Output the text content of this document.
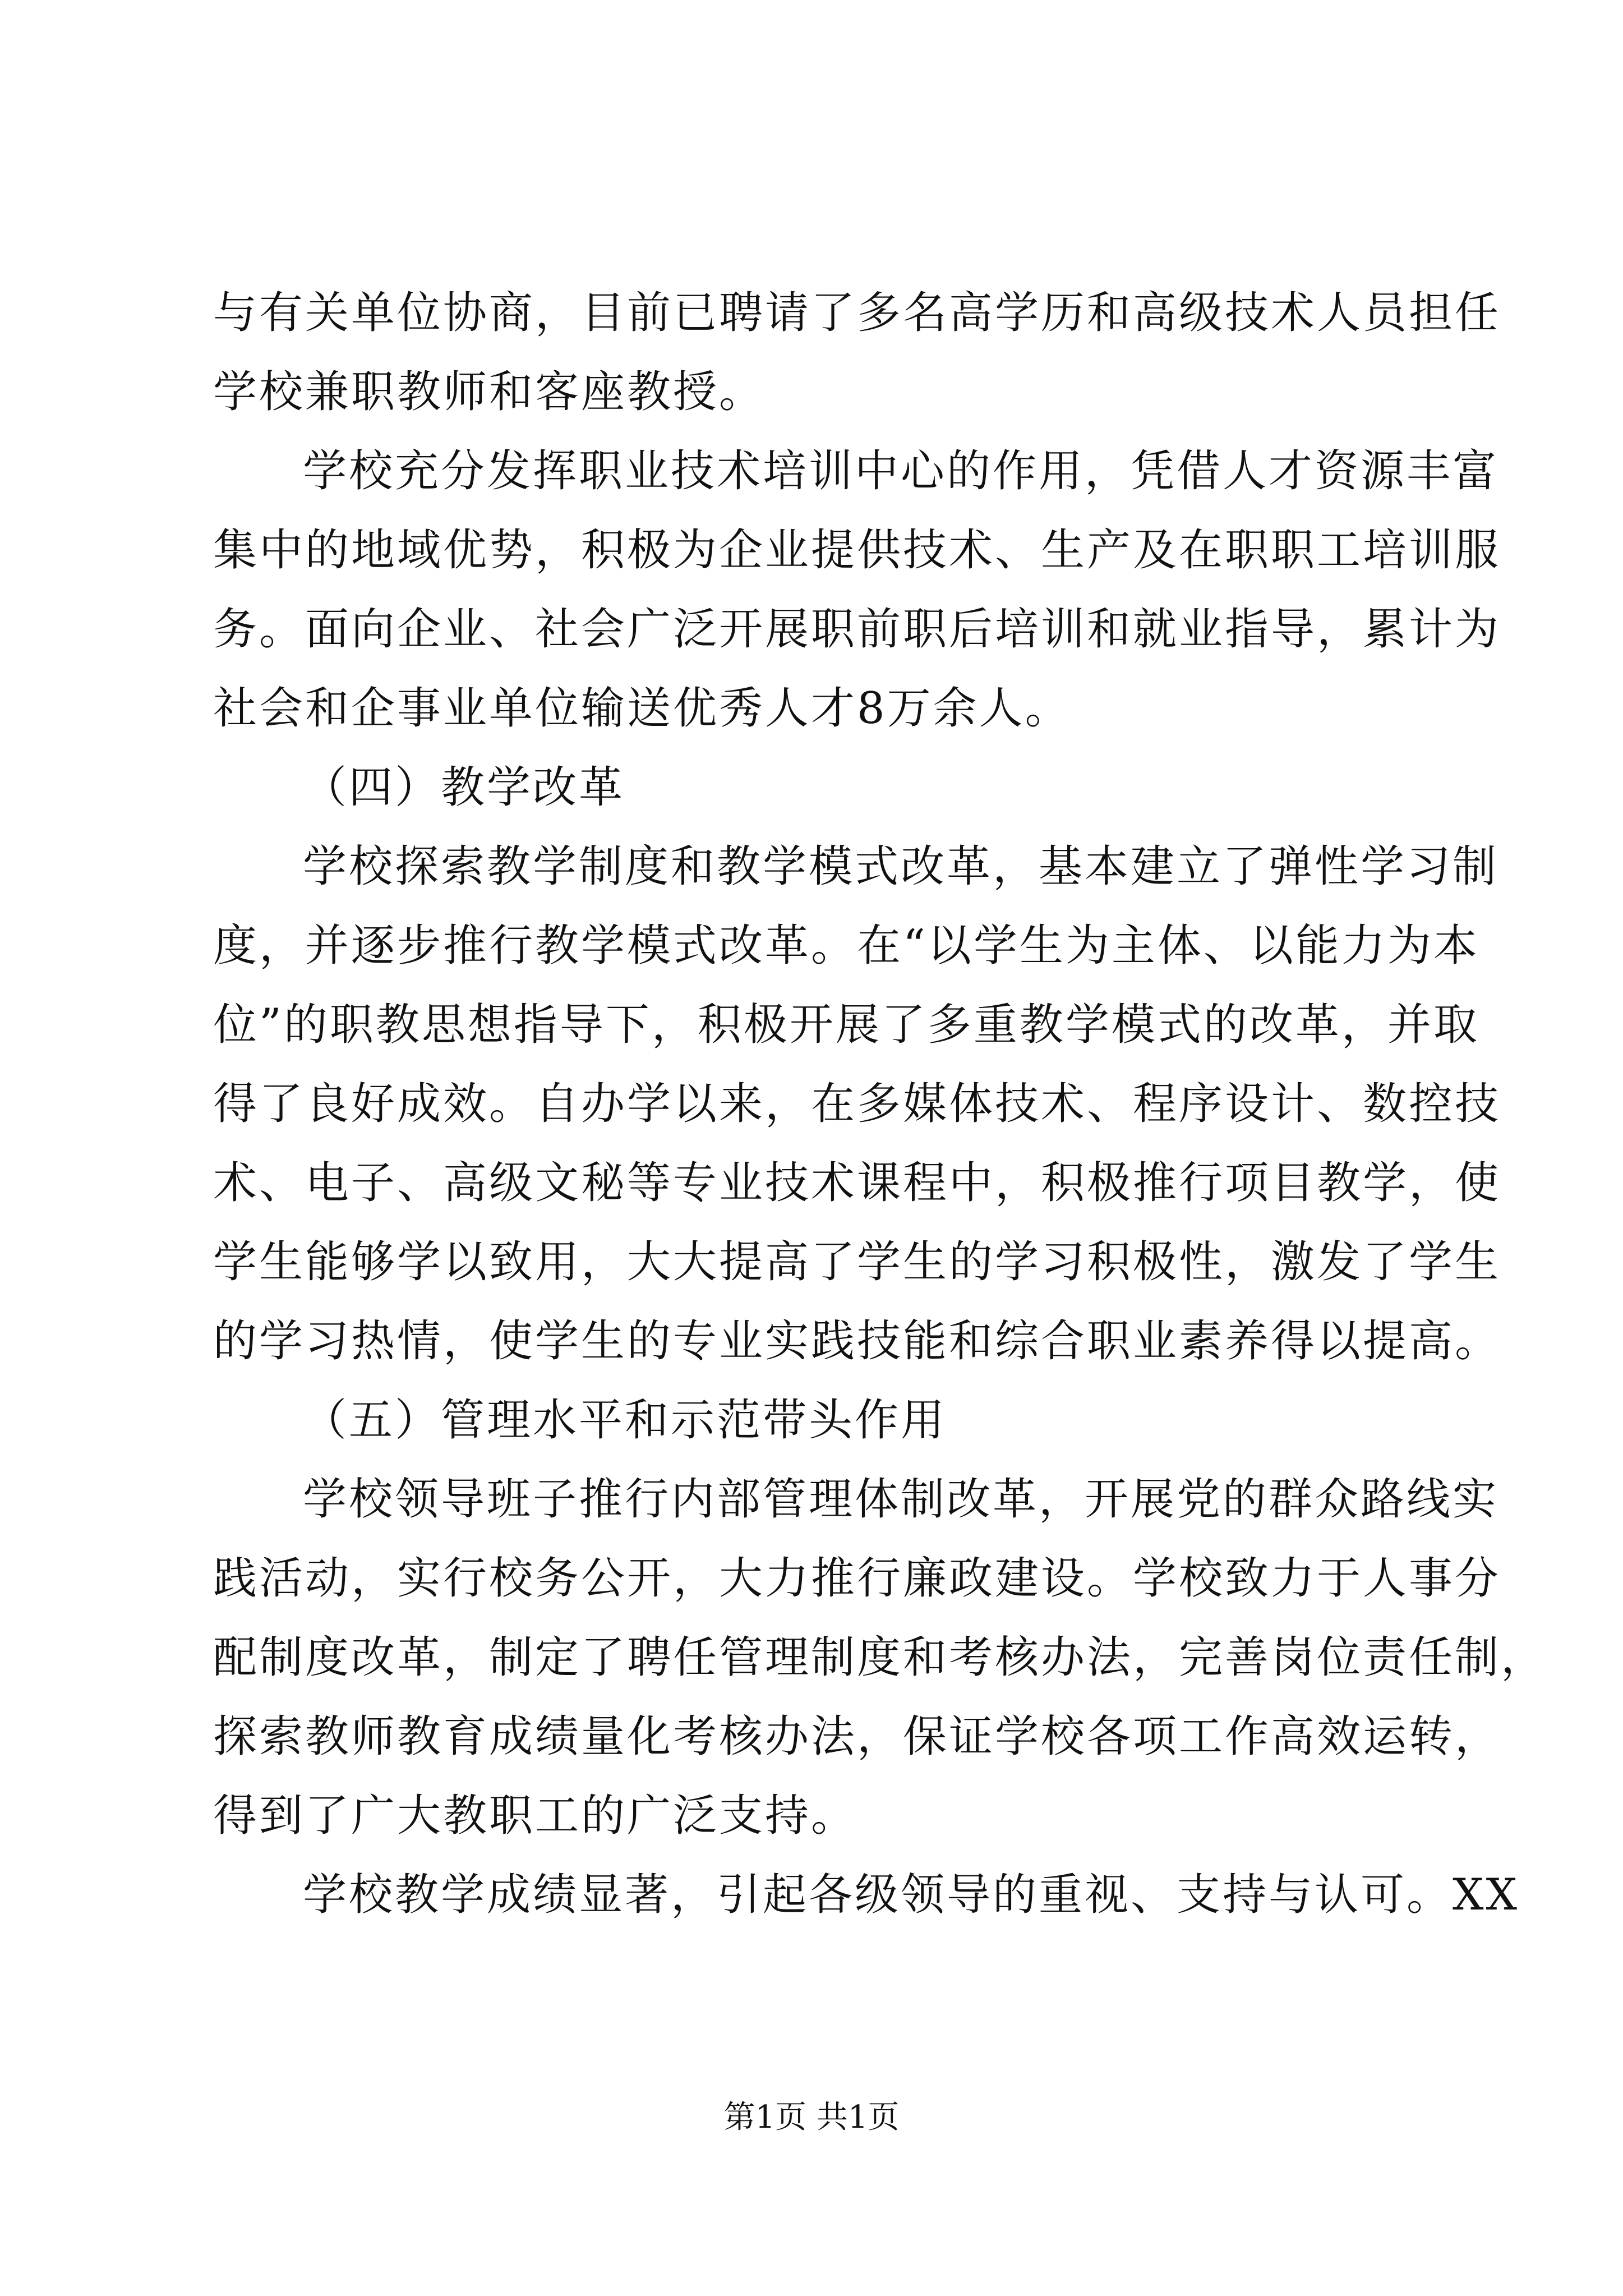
与有关单位协商，目前已聘请了多名高学历和高级技术人员担任
学校兼职教师和客座教授。
学校充分发挥职业技术培训中心的作用，凭借人才资源丰富
集中的地域优势，积极为企业提供技术、生产及在职职工培训服
务。面向企业、社会广泛开展职前职后培训和就业指导，累计为
社会和企事业单位输送优秀人才8万余人。
（四）教学改革
学校探索教学制度和教学模式改革，基本建立了弹性学习制
度，并逐步推行教学模式改革。在“以学生为主体、以能力为本
位”的职教思想指导下，积极开展了多重教学模式的改革，并取
得了良好成效。自办学以来，在多媒体技术、程序设计、数控技
术、电子、高级文秘等专业技术课程中，积极推行项目教学，使
学生能够学以致用，大大提高了学生的学习积极性，激发了学生
的学习热情，使学生的专业实践技能和综合职业素养得以提高。
（五）管理水平和示范带头作用
学校领导班子推行内部管理体制改革，开展党的群众路线实
践活动，实行校务公开，大力推行廉政建设。学校致力于人事分
配制度改革，制定了聘任管理制度和考核办法，完善岗位责任制，
探索教师教育成绩量化考核办法，保证学校各项工作高效运转，
得到了广大教职工的广泛支持。
学校教学成绩显著，引起各级领导的重视、支持与认可。XX
第1页 共1页
